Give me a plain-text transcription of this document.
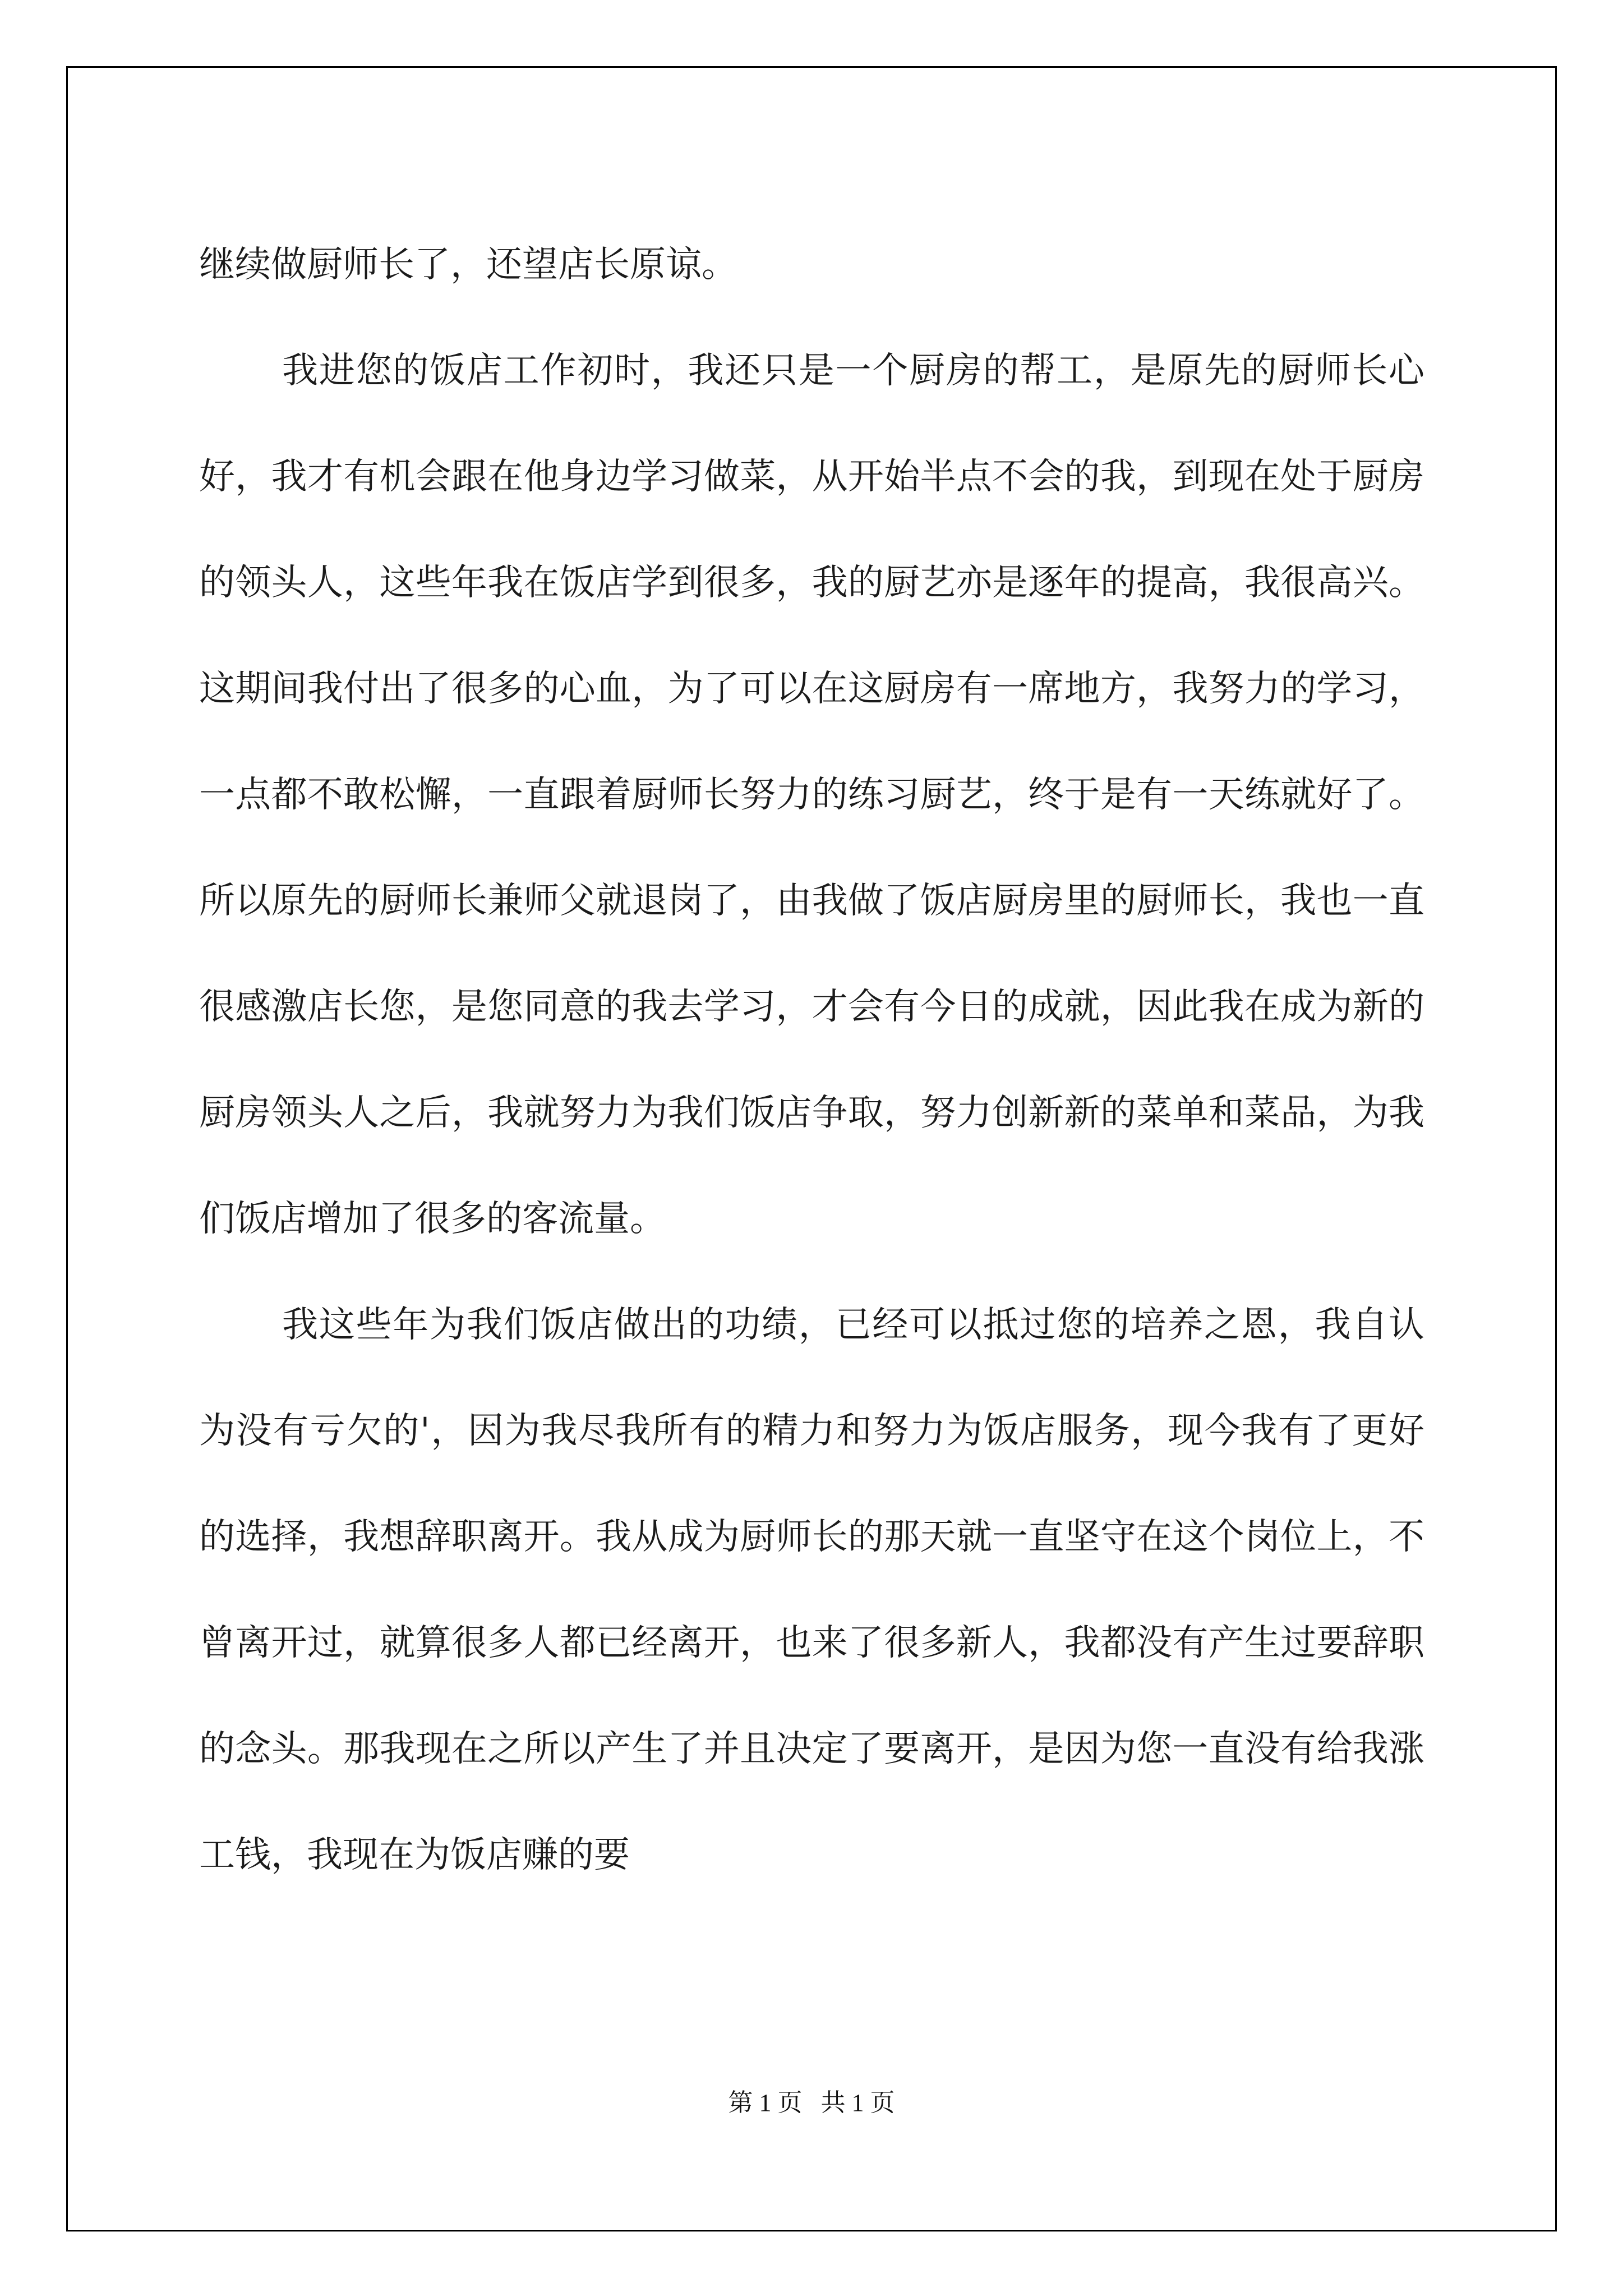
继续做厨师长了，还望店长原谅。

我进您的饭店工作初时，我还只是一个厨房的帮工，是原先的厨师长心好，我才有机会跟在他身边学习做菜，从开始半点不会的我，到现在处于厨房的领头人，这些年我在饭店学到很多，我的厨艺亦是逐年的提高，我很高兴。这期间我付出了很多的心血，为了可以在这厨房有一席地方，我努力的学习，一点都不敢松懈，一直跟着厨师长努力的练习厨艺，终于是有一天练就好了。所以原先的厨师长兼师父就退岗了，由我做了饭店厨房里的厨师长，我也一直很感激店长您，是您同意的我去学习，才会有今日的成就，因此我在成为新的厨房领头人之后，我就努力为我们饭店争取，努力创新新的菜单和菜品，为我们饭店增加了很多的客流量。

我这些年为我们饭店做出的功绩，已经可以抵过您的培养之恩，我自认为没有亏欠的'，因为我尽我所有的精力和努力为饭店服务，现今我有了更好的选择，我想辞职离开。我从成为厨师长的那天就一直坚守在这个岗位上，不曾离开过，就算很多人都已经离开，也来了很多新人，我都没有产生过要辞职的念头。那我现在之所以产生了并且决定了要离开，是因为您一直没有给我涨工钱，我现在为饭店赚的要

第 1 页   共 1 页
